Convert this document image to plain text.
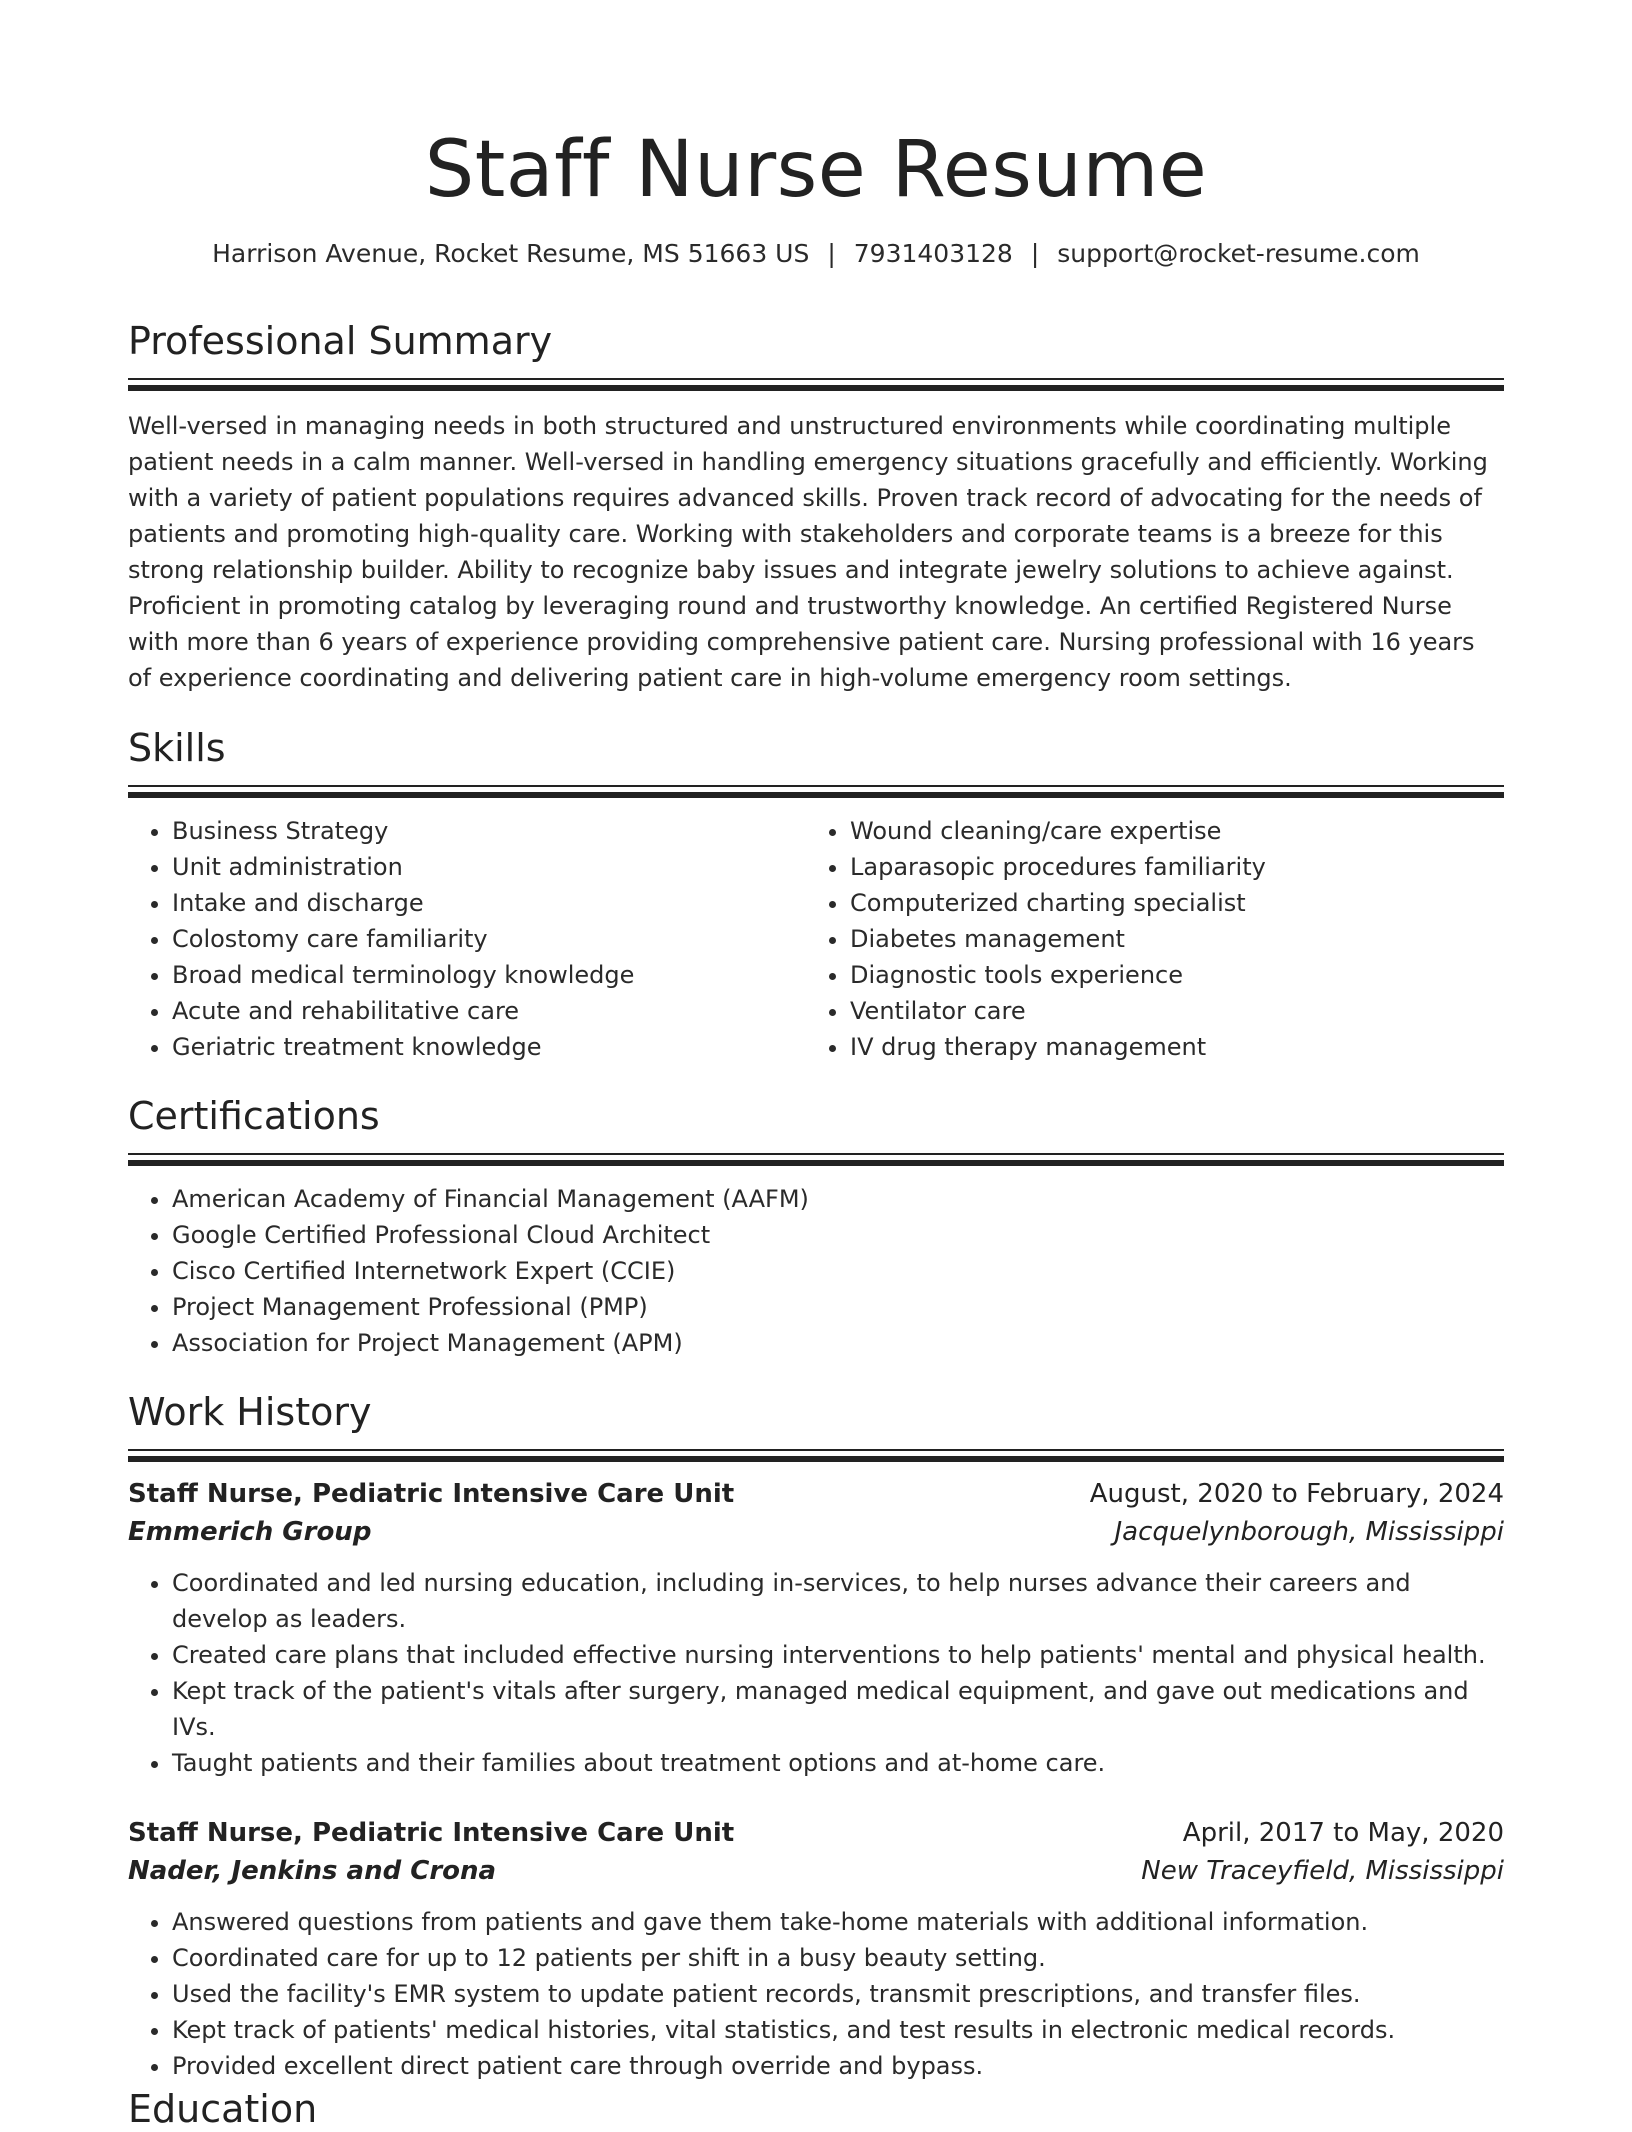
Staff Nurse Resume
Harrison Avenue, Rocket Resume, MS 51663 US | 7931403128 | support@rocket-resume.com
Professional Summary
Well-versed in managing needs in both structured and unstructured environments while coordinating multiple patient needs in a calm manner. Well-versed in handling emergency situations gracefully and efficiently. Working with a variety of patient populations requires advanced skills. Proven track record of advocating for the needs of patients and promoting high-quality care. Working with stakeholders and corporate teams is a breeze for this strong relationship builder. Ability to recognize baby issues and integrate jewelry solutions to achieve against. Proficient in promoting catalog by leveraging round and trustworthy knowledge. An certified Registered Nurse with more than 6 years of experience providing comprehensive patient care. Nursing professional with 16 years of experience coordinating and delivering patient care in high-volume emergency room settings.
Skills
• Business Strategy
• Unit administration
• Intake and discharge
• Colostomy care familiarity
• Broad medical terminology knowledge
• Acute and rehabilitative care
• Geriatric treatment knowledge
• Wound cleaning/care expertise
• Laparasopic procedures familiarity
• Computerized charting specialist
• Diabetes management
• Diagnostic tools experience
• Ventilator care
• IV drug therapy management
Certifications
• American Academy of Financial Management (AAFM)
• Google Certified Professional Cloud Architect
• Cisco Certified Internetwork Expert (CCIE)
• Project Management Professional (PMP)
• Association for Project Management (APM)
Work History
Staff Nurse, Pediatric Intensive Care Unit	August, 2020 to February, 2024
Emmerich Group	Jacquelynborough, Mississippi
• Coordinated and led nursing education, including in-services, to help nurses advance their careers and develop as leaders.
• Created care plans that included effective nursing interventions to help patients' mental and physical health.
• Kept track of the patient's vitals after surgery, managed medical equipment, and gave out medications and IVs.
• Taught patients and their families about treatment options and at-home care.
Staff Nurse, Pediatric Intensive Care Unit	April, 2017 to May, 2020
Nader, Jenkins and Crona	New Traceyfield, Mississippi
• Answered questions from patients and gave them take-home materials with additional information.
• Coordinated care for up to 12 patients per shift in a busy beauty setting.
• Used the facility's EMR system to update patient records, transmit prescriptions, and transfer files.
• Kept track of patients' medical histories, vital statistics, and test results in electronic medical records.
• Provided excellent direct patient care through override and bypass.
Education
